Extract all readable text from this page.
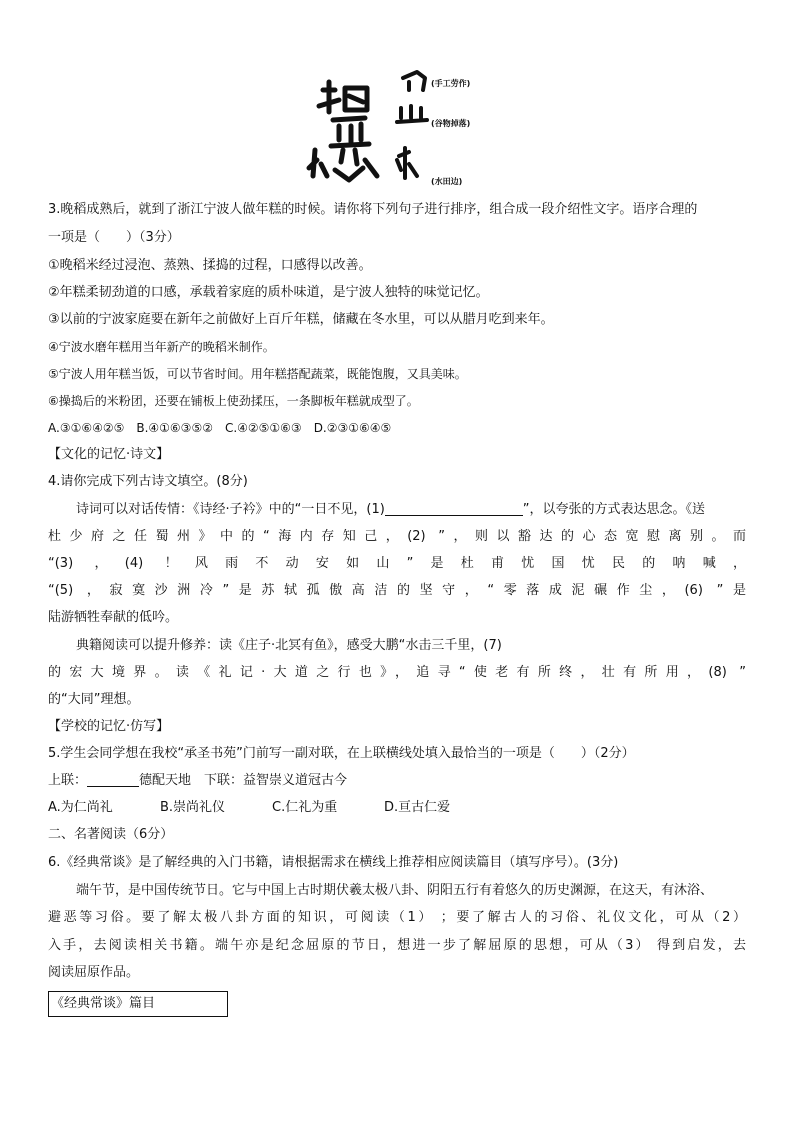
(手工劳作)
(谷物掉落)
(水田边)
3.晚稻成熟后，就到了浙江宁波人做年糕的时候。请你将下列句子进行排序，组合成一段介绍性文字。语序合理的
一项是（　　）（3分）
①晚稻米经过浸泡、蒸熟、揉捣的过程，口感得以改善。
②年糕柔韧劲道的口感，承载着家庭的质朴味道，是宁波人独特的味觉记忆。
③以前的宁波家庭要在新年之前做好上百斤年糕，储藏在冬水里，可以从腊月吃到来年。
④宁波水磨年糕用当年新产的晚稻米制作。
⑤宁波人用年糕当饭，可以节省时间。用年糕搭配蔬菜，既能饱腹，又具美味。
⑥操捣后的米粉团，还要在铺板上使劲揉压，一条脚板年糕就成型了。
A.③①⑥④②⑤　B.④①⑥③⑤②　C.④②⑤①⑥③　D.②③①⑥④⑤
【文化的记忆·诗文】
4.请你完成下列古诗文填空。(8分)
诗词可以对话传情：《诗经·子衿》中的“一日不见，(1)	”，以夸张的方式表达思念。《送
杜少府之任蜀州》中的“海内存知己，(2) ”，则以豁达的心态宽慰离别。而
“(3) ，(4) ！风雨不动安如山”是杜甫忧国忧民的呐喊，
“(5) ，寂寞沙洲冷”是苏轼孤傲高洁的坚守，“零落成泥碾作尘，(6) ”是
陆游牺牲奉献的低吟。
典籍阅读可以提升修养：读《庄子·北冥有鱼》，感受大鹏“水击三千里，(7)
的宏大境界。读《礼记·大道之行也》，追寻“使老有所终，壮有所用，(8) ”
的“大同”理想。
【学校的记忆·仿写】
5.学生会同学想在我校“承圣书苑”门前写一副对联，在上联横线处填入最恰当的一项是（　　）（2分）
上联：	德配天地　下联：益智崇义道冠古今
A.为仁尚礼	B.崇尚礼仪	C.仁礼为重	D.亘古仁爱
二、名著阅读（6分）
6.《经典常谈》是了解经典的入门书籍，请根据需求在横线上推荐相应阅读篇目（填写序号）。(3分)
端午节，是中国传统节日。它与中国上古时期伏羲太极八卦、阴阳五行有着悠久的历史渊源，在这天，有沐浴、
避恶等习俗。要了解太极八卦方面的知识，可阅读（1） ；要了解古人的习俗、礼仪文化，可从（2）
入手，去阅读相关书籍。端午亦是纪念屈原的节日，想进一步了解屈原的思想，可从（3） 得到启发，去
阅读屈原作品。
《经典常谈》篇目
